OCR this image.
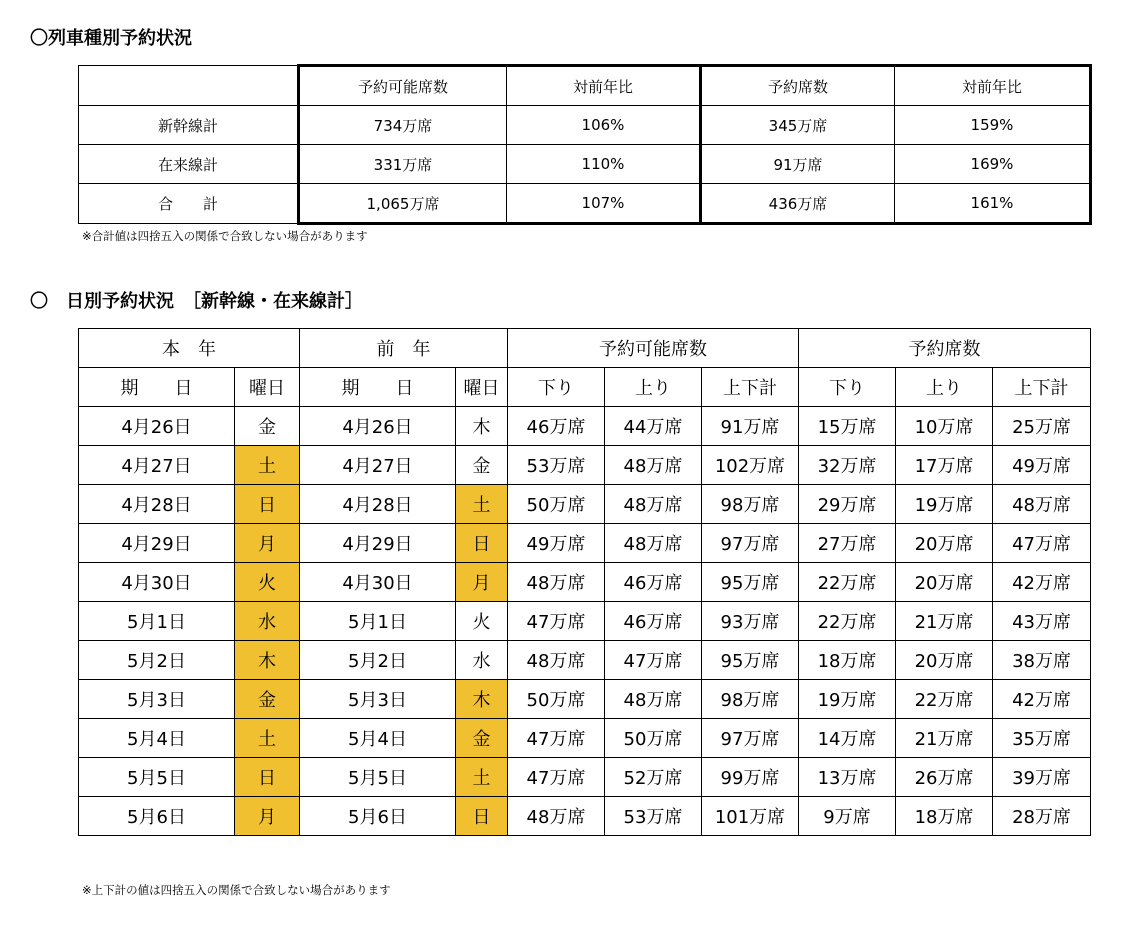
〇列車種別予約状況
	予約可能席数	対前年比	予約席数	対前年比
新幹線計	734万席	106%	345万席	159%
在来線計	331万席	110%	91万席	169%
合　　計	1,065万席	107%	436万席	161%
※合計値は四捨五入の関係で合致しない場合があります
〇　日別予約状況　［新幹線・在来線計］
本　年		前　年		予約可能席数			予約席数		
期　　日	曜日	期　　日	曜日	下り	上り	上下計	下り	上り	上下計
4月26日	金	4月26日	木	46万席	44万席	91万席	15万席	10万席	25万席
4月27日	土	4月27日	金	53万席	48万席	102万席	32万席	17万席	49万席
4月28日	日	4月28日	土	50万席	48万席	98万席	29万席	19万席	48万席
4月29日	月	4月29日	日	49万席	48万席	97万席	27万席	20万席	47万席
4月30日	火	4月30日	月	48万席	46万席	95万席	22万席	20万席	42万席
5月1日	水	5月1日	火	47万席	46万席	93万席	22万席	21万席	43万席
5月2日	木	5月2日	水	48万席	47万席	95万席	18万席	20万席	38万席
5月3日	金	5月3日	木	50万席	48万席	98万席	19万席	22万席	42万席
5月4日	土	5月4日	金	47万席	50万席	97万席	14万席	21万席	35万席
5月5日	日	5月5日	土	47万席	52万席	99万席	13万席	26万席	39万席
5月6日	月	5月6日	日	48万席	53万席	101万席	9万席	18万席	28万席
※上下計の値は四捨五入の関係で合致しない場合があります
